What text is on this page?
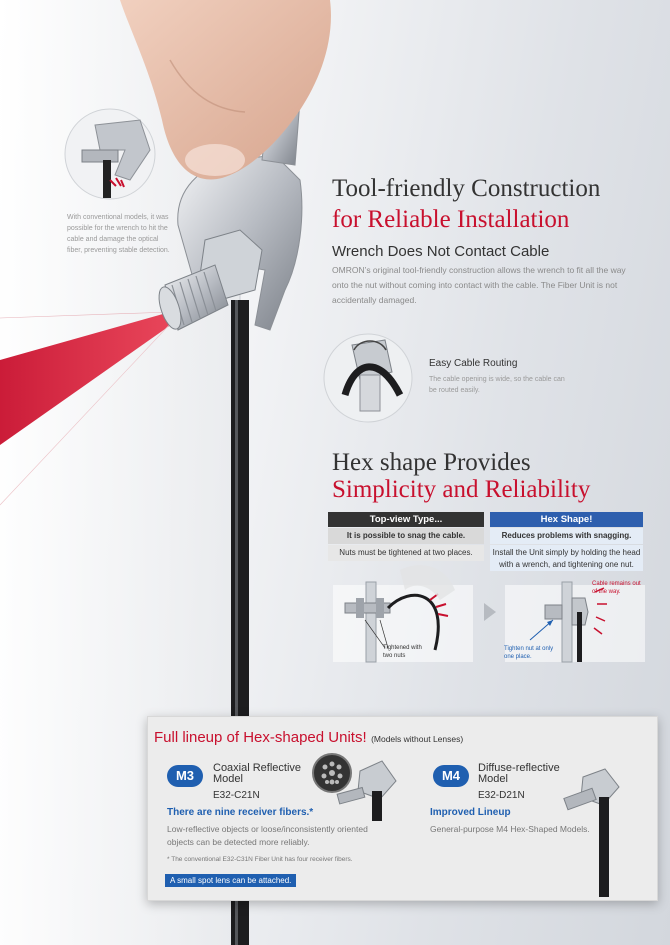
With conventional models, it was possible for the wrench to hit the cable and damage the optical fiber, preventing stable detection.
Tool-friendly Construction
for Reliable Installation
Wrench Does Not Contact Cable
OMRON’s original tool-friendly construction allows the wrench to fit all the way onto the nut without coming into contact with the cable. The Fiber Unit is not accidentally damaged.
Easy Cable Routing
The cable opening is wide, so the cable can be routed easily.
Hex shape Provides
Simplicity and Reliability
Top-view Type...
It is possible to snag the cable.
Nuts must be tightened at two places.
Hex Shape!
Reduces problems with snagging.
Install the Unit simply by holding the head with a wrench, and tightening one nut.
Tightened with two nuts
Cable remains out of the way.
Tighten nut at only one place.
Full lineup of Hex-shaped Units! (Models without Lenses)
M3	Coaxial Reflective
Model
E32-C21N
There are nine receiver fibers.*
Low-reflective objects or loose/inconsistently oriented objects can be detected more reliably.
* The conventional E32-C31N Fiber Unit has four receiver fibers.
A small spot lens can be attached.
M4	Diffuse-reflective
Model
E32-D21N
Improved Lineup
General-purpose M4 Hex-Shaped Models.
